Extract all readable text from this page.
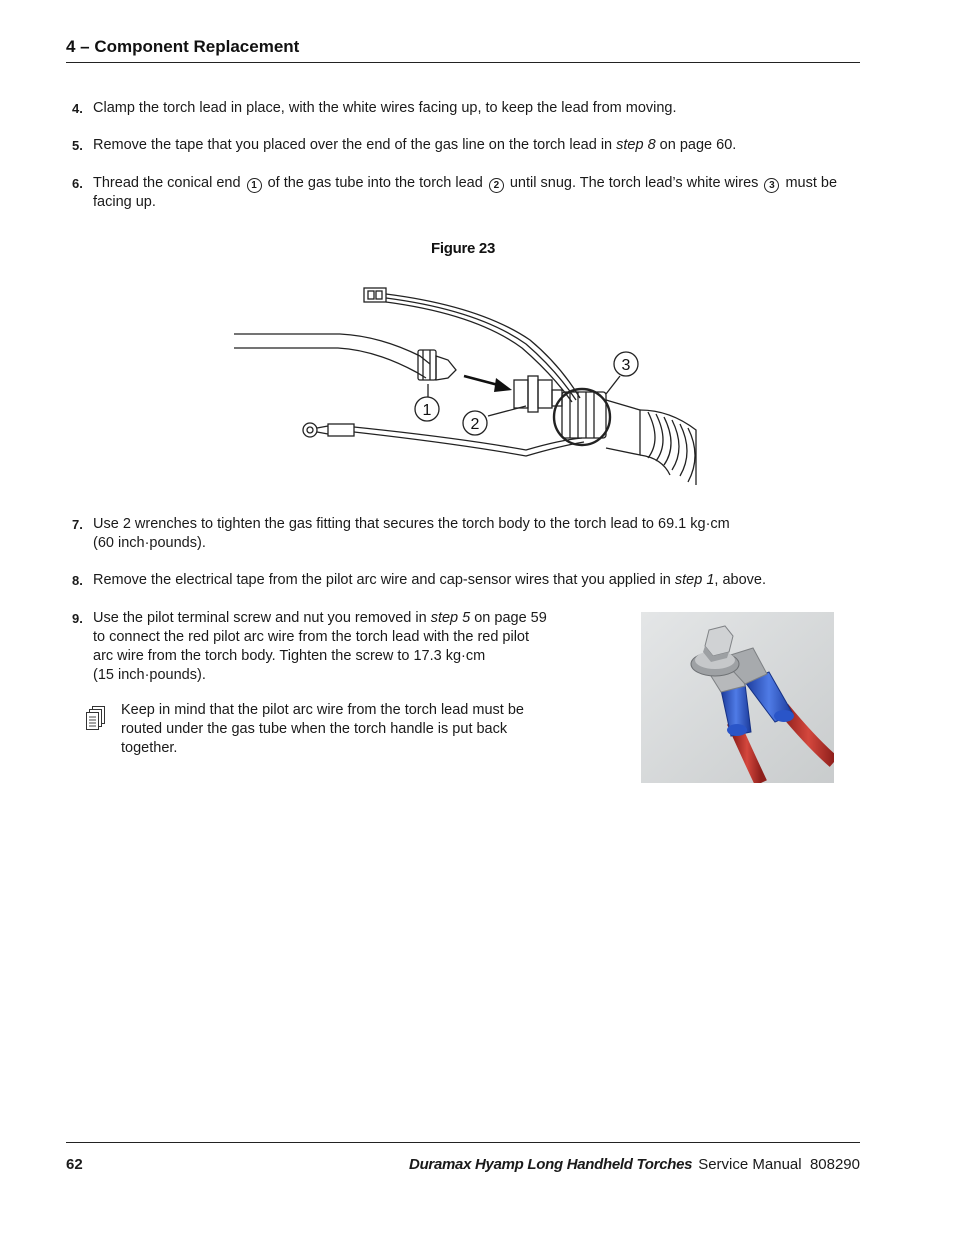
4 – Component Replacement
4. Clamp the torch lead in place, with the white wires facing up, to keep the lead from moving.
5. Remove the tape that you placed over the end of the gas line on the torch lead in step 8 on page 60.
6. Thread the conical end 1 of the gas tube into the torch lead 2 until snug. The torch lead’s white wires 3 must be
facing up.
Figure 23
1
2
3
7. Use 2 wrenches to tighten the gas fitting that secures the torch body to the torch lead to 69.1 kg·cm
(60 inch·pounds).
8. Remove the electrical tape from the pilot arc wire and cap-sensor wires that you applied in step 1, above.
9. Use the pilot terminal screw and nut you removed in step 5 on page 59
to connect the red pilot arc wire from the torch lead with the red pilot
arc wire from the torch body. Tighten the screw to 17.3 kg·cm
(15 inch·pounds).
Keep in mind that the pilot arc wire from the torch lead must be routed under the gas tube when the torch handle is put back together.
62	Duramax Hyamp Long Handheld Torches Service Manual 808290
